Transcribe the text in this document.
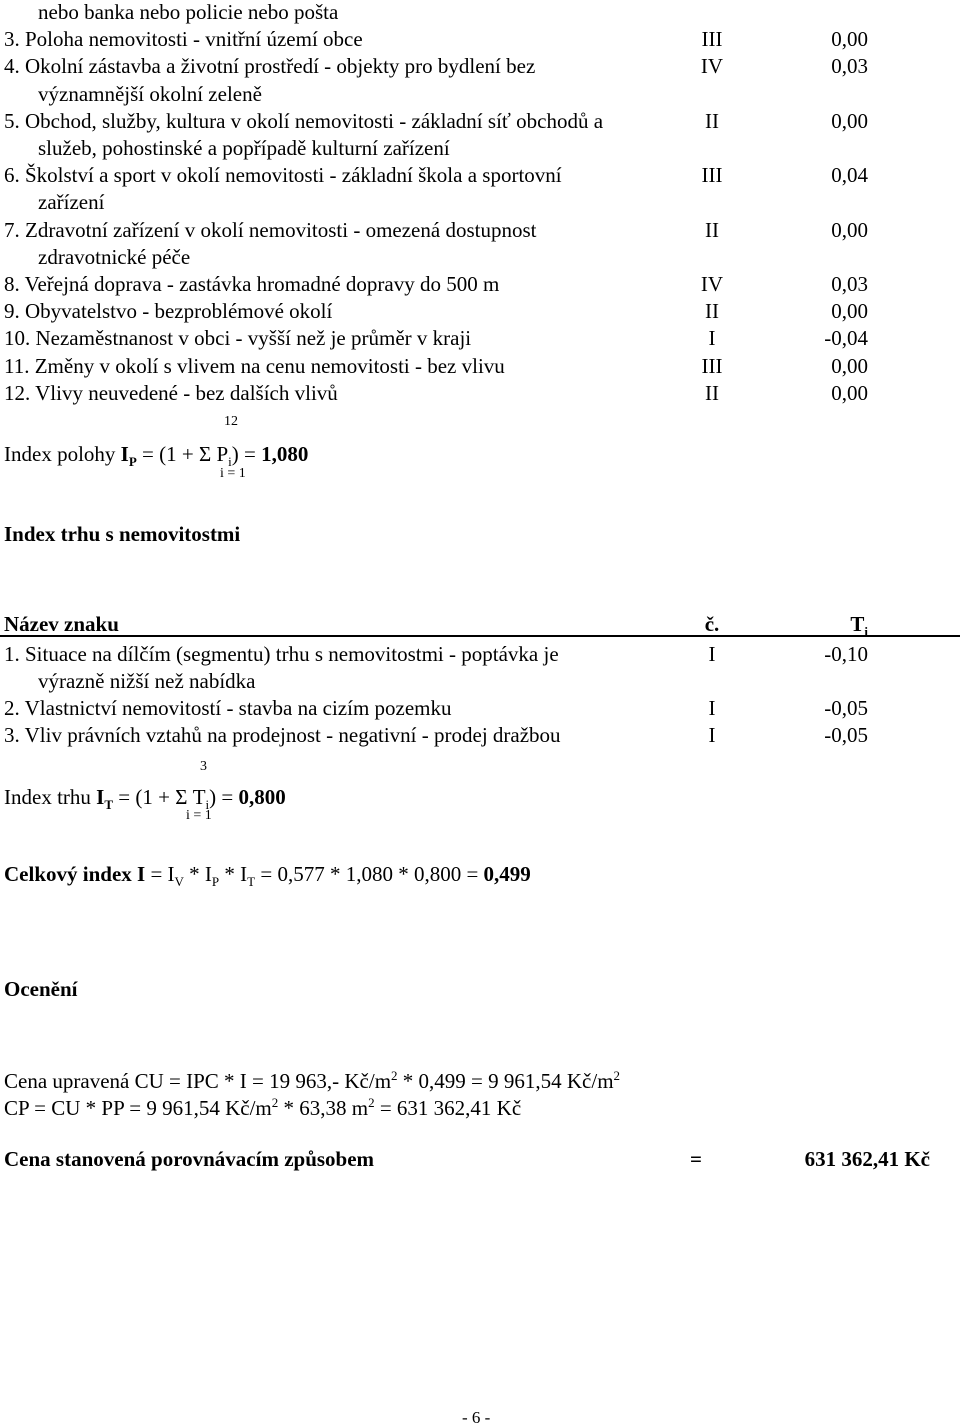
nebo banka nebo policie nebo pošta
3. Poloha nemovitosti - vnitřní území obce	III	0,00
4. Okolní zástavba a životní prostředí - objekty pro bydlení bez	IV	0,03
významnější okolní zeleně
5. Obchod, služby, kultura v okolí nemovitosti - základní síť obchodů a	II	0,00
služeb, pohostinské a popřípadě kulturní zařízení
6. Školství a sport v okolí nemovitosti - základní škola a sportovní	III	0,04
zařízení
7. Zdravotní zařízení v okolí nemovitosti - omezená dostupnost	II	0,00
zdravotnické péče
8. Veřejná doprava - zastávka hromadné dopravy do 500 m	IV	0,03
9. Obyvatelstvo - bezproblémové okolí	II	0,00
10. Nezaměstnanost v obci - vyšší než je průměr v kraji	I	-0,04
11. Změny v okolí s vlivem na cenu nemovitosti - bez vlivu	III	0,00
12. Vlivy neuvedené - bez dalších vlivů	II	0,00
12
Index polohy $I_P = (1 + \Sigma$ $P_i) = 1,080$
i = 1
Index trhu s nemovitostmi
Název znaku	č.	$T_i$
1. Situace na dílčím (segmentu) trhu s nemovitostmi - poptávka je	I	-0,10
výrazně nižší než nabídka
2. Vlastnictví nemovitostí - stavba na cizím pozemku	I	-0,05
3. Vliv právních vztahů na prodejnost - negativní - prodej dražbou	I	-0,05
3
Index trhu $I_T = (1 + \Sigma$ $T_i) = 0,800$
i = 1
Celkový index $I = I_V * I_P * I_T = 0,577 * 1,080 * 0,800 = 0,499$
Ocenění
Cena upravená CU = IPC * I = 19 963,- $Kč/m^2 * 0,499 = 9$ 961,54 $Kč/m^2$
CP = CU * PP = 9 961,54 $Kč/m^2 * 63,38$ $m^2 = 631$ 362,41 Kč
Cena stanovená porovnávacím způsobem	=	631 362,41 Kč
- 6 -
